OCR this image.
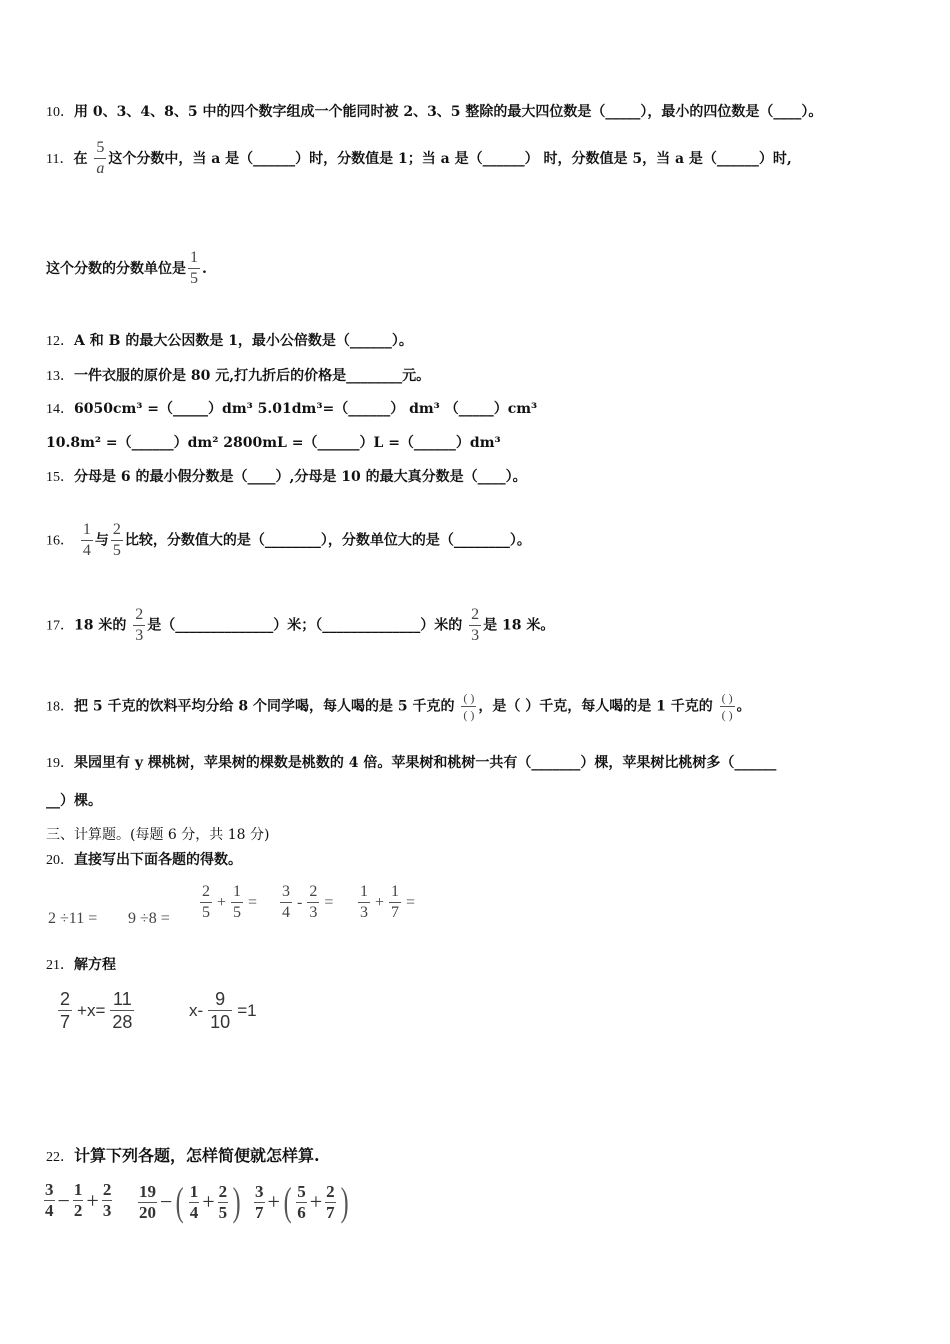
10．用 0、3、4、8、5 中的四个数字组成一个能同时被 2、3、5 整除的最大四位数是（_____），最小的四位数是（____）。
11．在 $\frac{5}{a}$ 这个分数中，当 a 是（______）时，分数值是 1；当 a 是（______） 时，分数值是 5，当 a 是（______）时,
这个分数的分数单位是 $\frac{1}{5}$ .
12．A 和 B 的最大公因数是 1，最小公倍数是（______）。
13．一件衣服的原价是 80 元,打九折后的价格是________元。
14．6050cm³ =（_____）dm³ 5.01dm³=（______） dm³ （_____）cm³
10.8m² =（______）dm² 2800mL =（______）L =（______）dm³
15．分母是 6 的最小假分数是（____）,分母是 10 的最大真分数是（____）。
16． $\frac{1}{4}$ 与 $\frac{2}{5}$ 比较，分数值大的是（________），分数单位大的是（________）。
17．18 米的 $\frac{2}{3}$ 是（______________）米；（______________）米的 $\frac{2}{3}$ 是 18 米。
18．把 5 千克的饮料平均分给 8 个同学喝，每人喝的是 5 千克的 $\frac{( )}{( )}$ ，是（ ）千克，每人喝的是 1 千克的 $\frac{( )}{( )}$ 。
19．果园里有 y 棵桃树，苹果树的棵数是桃数的 4 倍。苹果树和桃树一共有（_______）棵，苹果树比桃树多（______
__）棵。
三、计算题。(每题 6 分，共 18 分)
20．直接写出下面各题的得数。
$2 \div 11 = 9 \div 8 = \frac{2}{5} + \frac{1}{5} = \frac{3}{4} - \frac{2}{3} = \frac{1}{3} + \frac{1}{7}$ =
21．解方程
$\frac{2}{7} +x= \frac{11}{28}$	$x- \frac{9}{10} =1$
22．计算下列各题，怎样简便就怎样算.
$\frac{3}{4} - \frac{1}{2} + \frac{2}{3} \frac{19}{20}$ −( $\frac{1}{4} + \frac{2}{5}$ ) $\frac{3}{7}$ +( $\frac{5}{6} + \frac{2}{7}$ )
